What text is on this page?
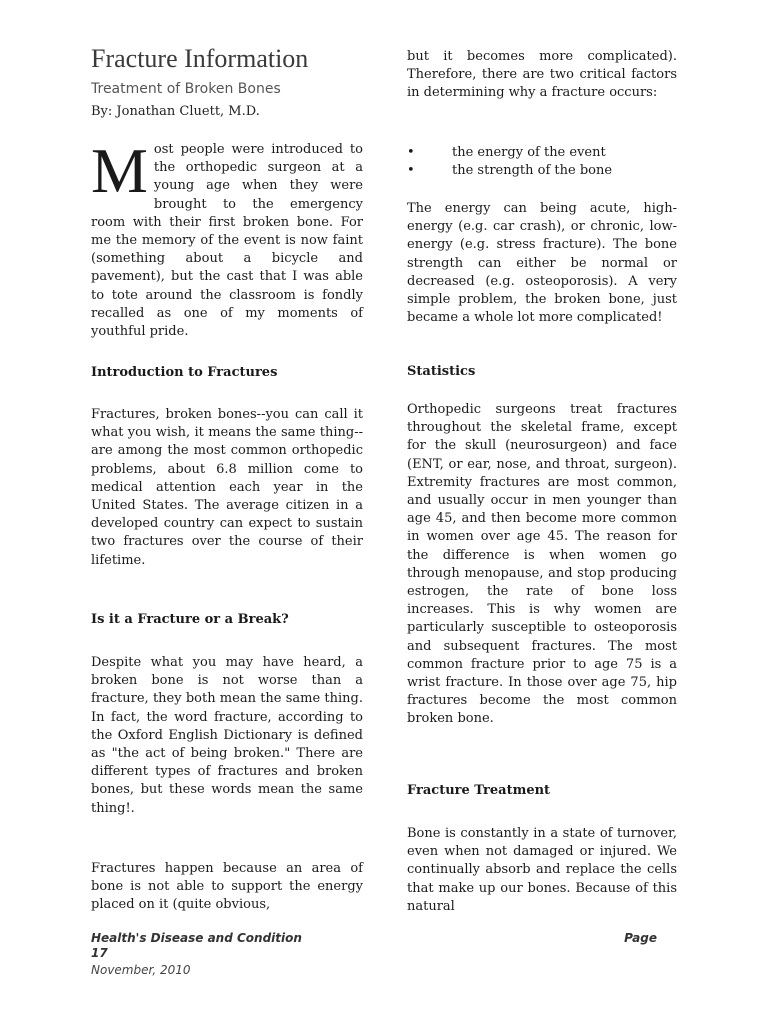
Fracture Information
Treatment of Broken Bones
By: Jonathan Cluett, M.D.

Most people were introduced to the orthopedic surgeon at a young age when they were brought to the emergency room with their first broken bone. For me the memory of the event is now faint (something about a bicycle and pavement), but the cast that I was able to tote around the classroom is fondly recalled as one of my moments of youthful pride.

Introduction to Fractures

Fractures, broken bones--you can call it what you wish, it means the same thing--are among the most common orthopedic problems, about 6.8 million come to medical attention each year in the United States. The average citizen in a developed country can expect to sustain two fractures over the course of their lifetime.

Is it a Fracture or a Break?

Despite what you may have heard, a broken bone is not worse than a fracture, they both mean the same thing. In fact, the word fracture, according to the Oxford English Dictionary is defined as "the act of being broken." There are different types of fractures and broken bones, but these words mean the same thing!.

Fractures happen because an area of bone is not able to support the energy placed on it (quite obvious,

but it becomes more complicated). Therefore, there are two critical factors in determining why a fracture occurs:

•	the energy of the event
•	the strength of the bone

The energy can being acute, high-energy (e.g. car crash), or chronic, low-energy (e.g. stress fracture). The bone strength can either be normal or decreased (e.g. osteoporosis). A very simple problem, the broken bone, just became a whole lot more complicated!

Statistics

Orthopedic surgeons treat fractures throughout the skeletal frame, except for the skull (neurosurgeon) and face (ENT, or ear, nose, and throat, surgeon). Extremity fractures are most common, and usually occur in men younger than age 45, and then become more common in women over age 45. The reason for the difference is when women go through menopause, and stop producing estrogen, the rate of bone loss increases. This is why women are particularly susceptible to osteoporosis and subsequent fractures. The most common fracture prior to age 75 is a wrist fracture. In those over age 75, hip fractures become the most common broken bone.

Fracture Treatment

Bone is constantly in a state of turnover, even when not damaged or injured. We continually absorb and replace the cells that make up our bones. Because of this natural

Health's Disease and Condition	Page
17
November, 2010
